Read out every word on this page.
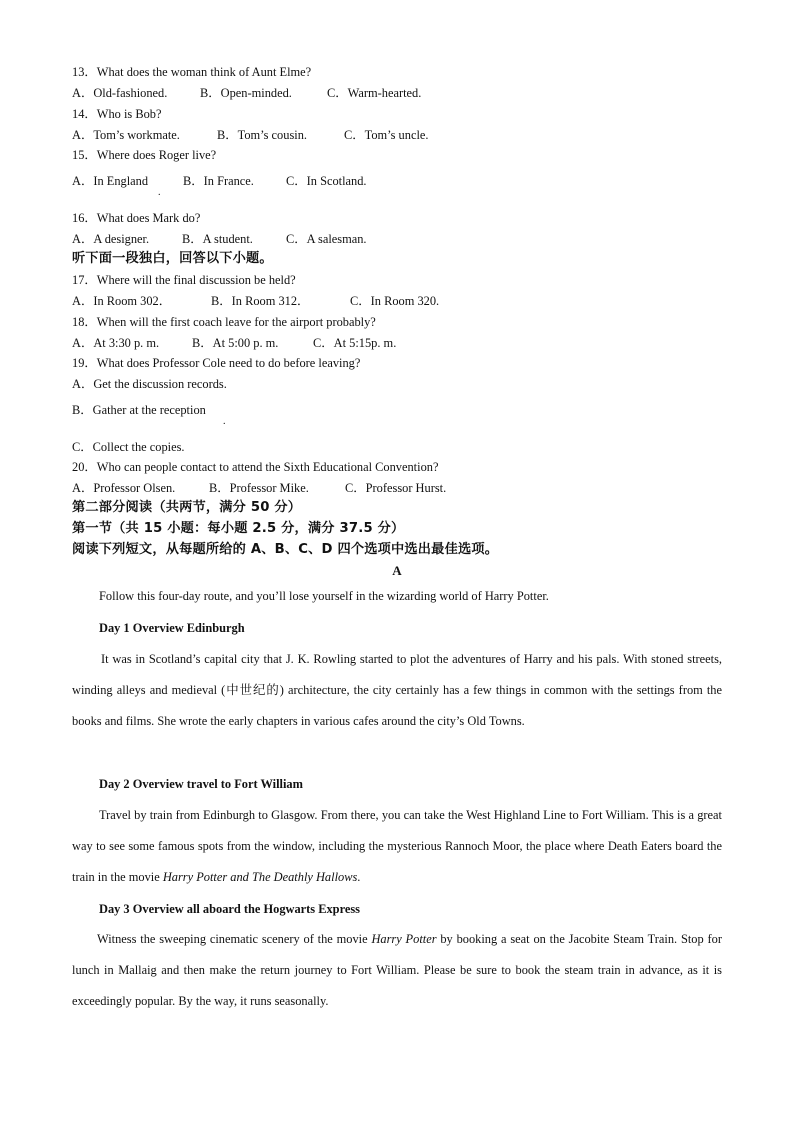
13．What does the woman think of Aunt Elme?
A．Old-fashioned.	B．Open-minded.	C．Warm-hearted.
14．Who is Bob?
A．Tom’s workmate.	B．Tom’s cousin.	C．Tom’s uncle.
15．Where does Roger live?
A．In England	B．In France.	C．In Scotland.
.
16．What does Mark do?
A．A designer.	B．A student.	C．A salesman.
听下面一段独白，回答以下小题。
17．Where will the final discussion be held?
A．In Room 302．	B．In Room 312．	C．In Room 320.
18．When will the first coach leave for the airport probably?
A．At 3:30 p. m.	B．At 5:00 p. m.	C．At 5:15p. m.
19．What does Professor Cole need to do before leaving?
A．Get the discussion records.
B．Gather at the reception
.
C．Collect the copies.
20．Who can people contact to attend the Sixth Educational Convention?
A．Professor Olsen.	B．Professor Mike.	C．Professor Hurst.
第二部分阅读（共两节，满分 50 分）
第一节（共 15 小题：每小题 2.5 分，满分 37.5 分）
阅读下列短文，从每题所给的 A、B、C、D 四个选项中选出最佳选项。
A
Follow this four-day route, and you’ll lose yourself in the wizarding world of Harry Potter.
Day 1 Overview Edinburgh
It was in Scotland’s capital city that J. K. Rowling started to plot the adventures of Harry and his pals. With stoned streets, winding alleys and medieval (中世纪的) architecture, the city certainly has a few things in common with the settings from the books and films. She wrote the early chapters in various cafes around the city’s Old Towns.
Day 2 Overview travel to Fort William
Travel by train from Edinburgh to Glasgow. From there, you can take the West Highland Line to Fort William. This is a great way to see some famous spots from the window, including the mysterious Rannoch Moor, the place where Death Eaters board the train in the movie Harry Potter and The Deathly Hallows.
Day 3 Overview all aboard the Hogwarts Express
Witness the sweeping cinematic scenery of the movie Harry Potter by booking a seat on the Jacobite Steam Train. Stop for lunch in Mallaig and then make the return journey to Fort William. Please be sure to book the steam train in advance, as it is exceedingly popular. By the way, it runs seasonally.
